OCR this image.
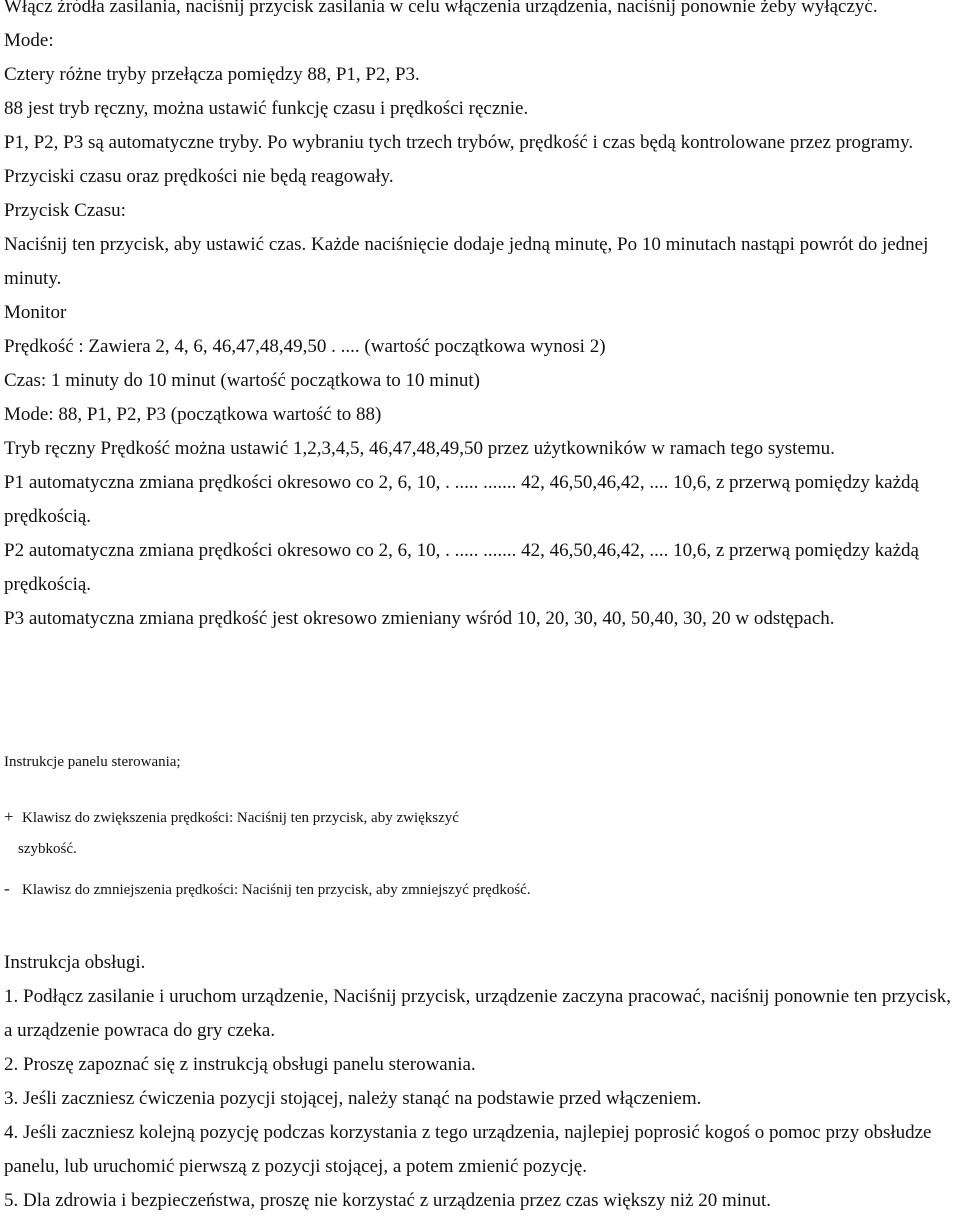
Włącz źródła zasilania, naciśnij przycisk zasilania w celu włączenia urządzenia, naciśnij ponownie żeby wyłączyć.

Mode:

Cztery różne tryby przełącza pomiędzy 88, P1, P2, P3.

88 jest tryb ręczny, można ustawić funkcję czasu i prędkości ręcznie.

P1, P2, P3 są automatyczne tryby. Po wybraniu tych trzech trybów, prędkość i czas będą kontrolowane przez programy. Przyciski czasu oraz prędkości nie będą reagowały.

Przycisk Czasu:

Naciśnij ten przycisk, aby ustawić czas. Każde naciśnięcie dodaje jedną minutę, Po 10 minutach nastąpi powrót do jednej minuty.

Monitor

Prędkość : Zawiera 2, 4, 6, 46,47,48,49,50 . .... (wartość początkowa wynosi 2)

Czas: 1 minuty do 10 minut (wartość początkowa to 10 minut)

Mode: 88, P1, P2, P3 (początkowa wartość to 88)

Tryb ręczny Prędkość można ustawić 1,2,3,4,5, 46,47,48,49,50 przez użytkowników w ramach tego systemu.

P1 automatyczna zmiana prędkości okresowo co 2, 6, 10, . ..... ....... 42, 46,50,46,42, .... 10,6, z przerwą pomiędzy każdą prędkością.

P2 automatyczna zmiana prędkości okresowo co 2, 6, 10, . ..... ....... 42, 46,50,46,42, .... 10,6, z przerwą pomiędzy każdą prędkością.

P3 automatyczna zmiana prędkość jest okresowo zmieniany wśród 10, 20, 30, 40, 50,40, 30, 20 w odstępach.

Instrukcje panelu sterowania;

+ Klawisz do zwiększenia prędkości: Naciśnij ten przycisk, aby zwiększyć

szybkość.

- Klawisz do zmniejszenia prędkości: Naciśnij ten przycisk, aby zmniejszyć prędkość.

Instrukcja obsługi.

1. Podłącz zasilanie i uruchom urządzenie, Naciśnij przycisk, urządzenie zaczyna pracować, naciśnij ponownie ten przycisk, a urządzenie powraca do gry czeka.

2. Proszę zapoznać się z instrukcją obsługi panelu sterowania.

3. Jeśli zaczniesz ćwiczenia pozycji stojącej, należy stanąć na podstawie przed włączeniem.

4. Jeśli zaczniesz kolejną pozycję podczas korzystania z tego urządzenia, najlepiej poprosić kogoś o pomoc przy obsłudze panelu, lub uruchomić pierwszą z pozycji stojącej, a potem zmienić pozycję.

5. Dla zdrowia i bezpieczeństwa, proszę nie korzystać z urządzenia przez czas większy niż 20 minut.
